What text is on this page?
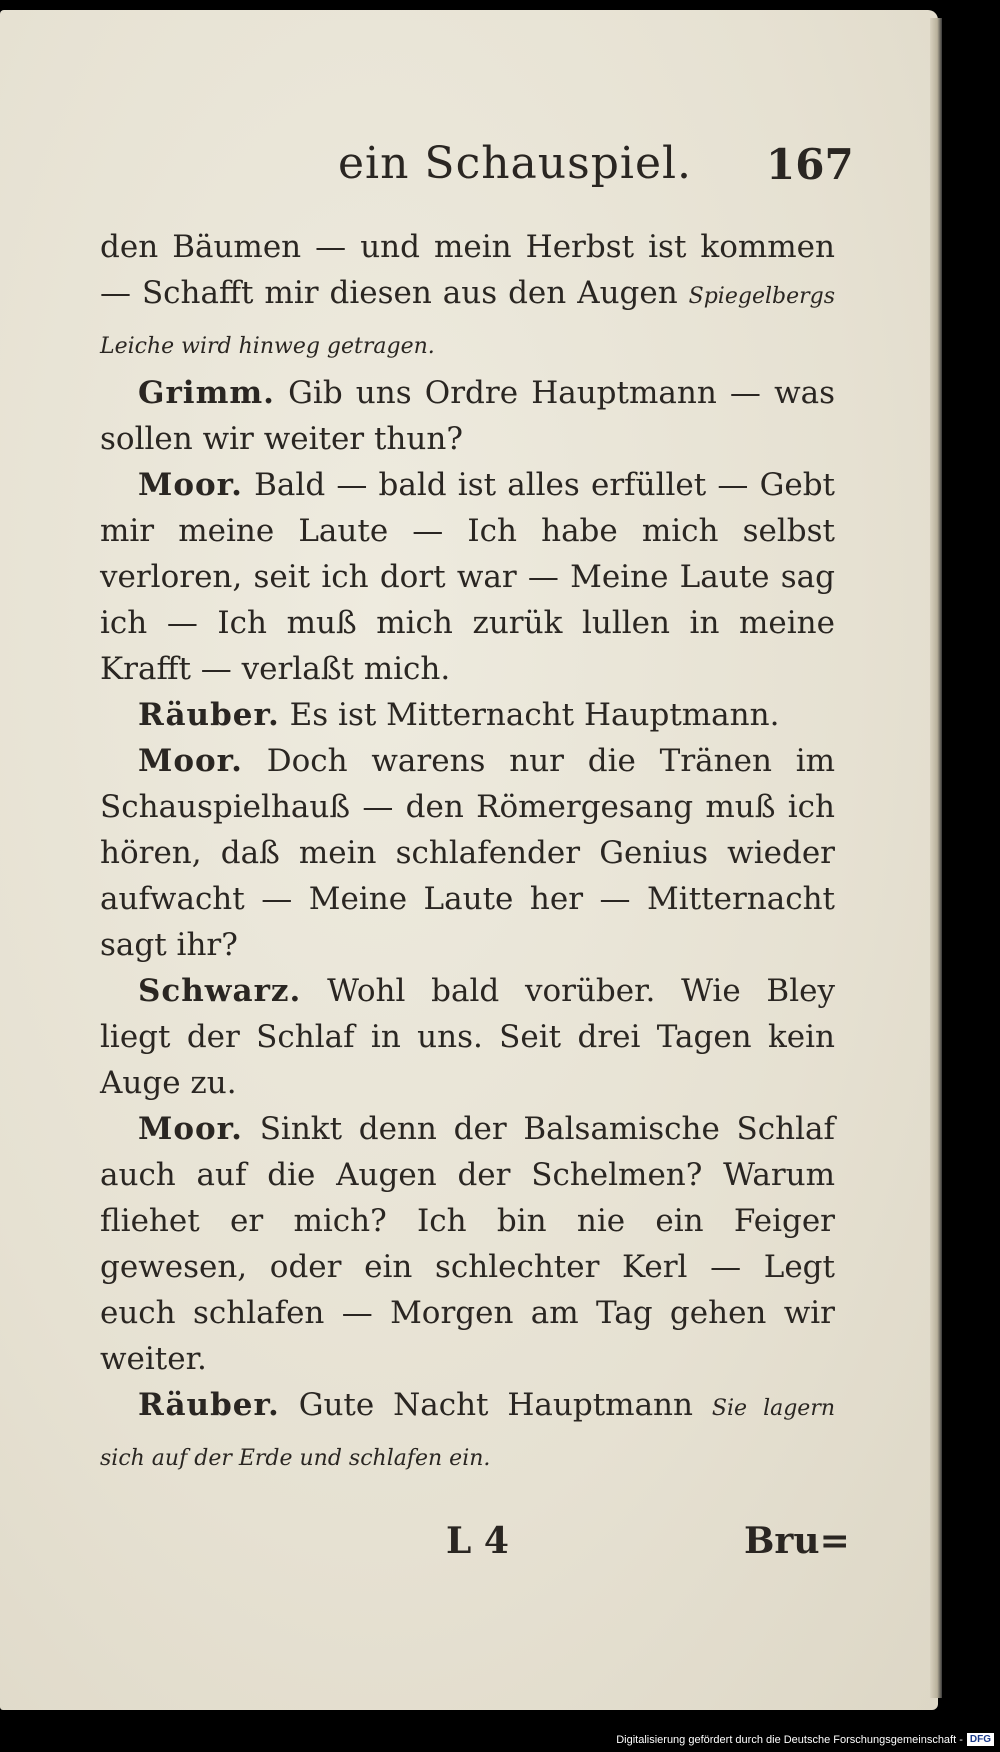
ein Schauspiel. 167

den Bäumen — und mein Herbst ist kommen — Schafft mir diesen aus den Augen Spiegelbergs Leiche wird hinweg getragen.

Grimm. Gib uns Ordre Hauptmann — was sollen wir weiter thun?

Moor. Bald — bald ist alles erfüllet — Gebt mir meine Laute — Ich habe mich selbst verloren, seit ich dort war — Meine Laute sag ich — Ich muß mich zurük lullen in meine Krafft — verlaßt mich.

Räuber. Es ist Mitternacht Hauptmann.

Moor. Doch warens nur die Tränen im Schauspielhauß — den Römergesang muß ich hören, daß mein schlafender Genius wieder aufwacht — Meine Laute her — Mitternacht sagt ihr?

Schwarz. Wohl bald vorüber. Wie Bley liegt der Schlaf in uns. Seit drei Tagen kein Auge zu.

Moor. Sinkt denn der Balsamische Schlaf auch auf die Augen der Schelmen? Warum fliehet er mich? Ich bin nie ein Feiger gewesen, oder ein schlechter Kerl — Legt euch schlafen — Morgen am Tag gehen wir weiter.

Räuber. Gute Nacht Hauptmann Sie lagern sich auf der Erde und schlafen ein.

L 4	Bru=
Digitalisierung gefördert durch die Deutsche Forschungsgemeinschaft - DFG
